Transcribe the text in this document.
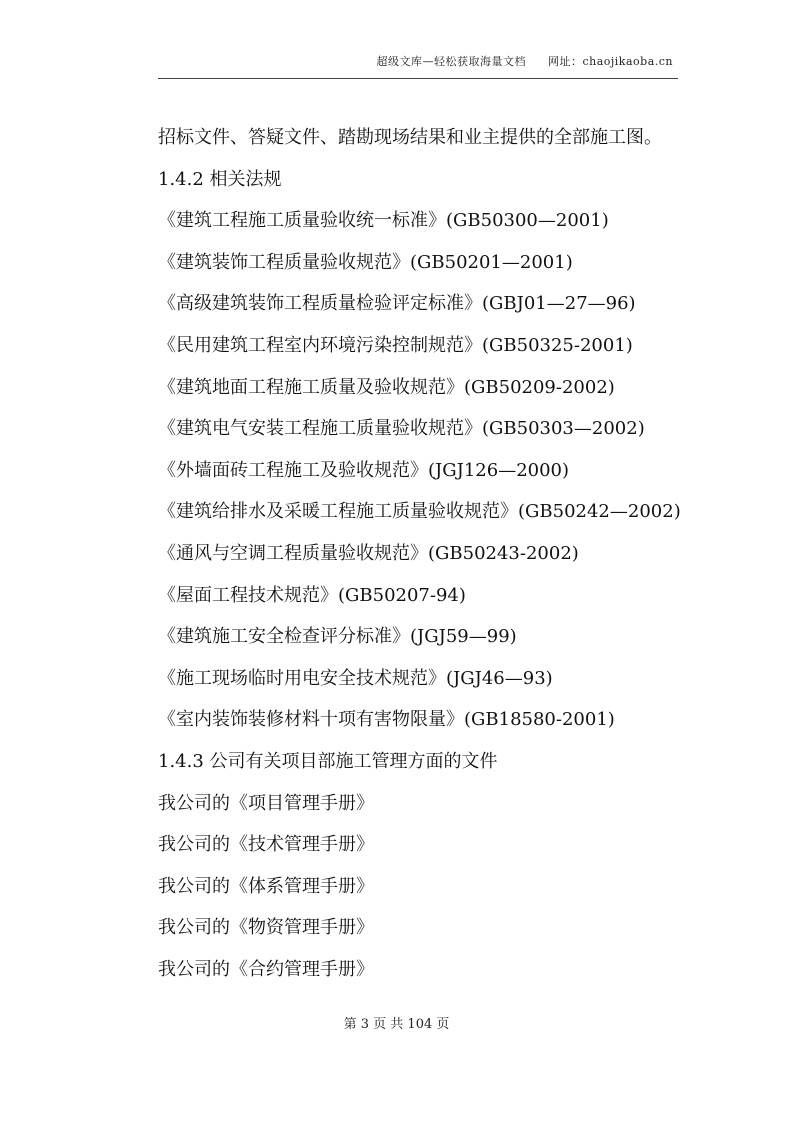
超级文库—轻松获取海量文档 网址：chaojikaoba.cn
招标文件、答疑文件、踏勘现场结果和业主提供的全部施工图。
1.4.2 相关法规
《建筑工程施工质量验收统一标准》(GB50300—2001)
《建筑装饰工程质量验收规范》(GB50201—2001)
《高级建筑装饰工程质量检验评定标准》(GBJ01—27—96)
《民用建筑工程室内环境污染控制规范》(GB50325-2001)
《建筑地面工程施工质量及验收规范》(GB50209-2002)
《建筑电气安装工程施工质量验收规范》(GB50303—2002)
《外墙面砖工程施工及验收规范》(JGJ126—2000)
《建筑给排水及采暖工程施工质量验收规范》(GB50242—2002)
《通风与空调工程质量验收规范》(GB50243-2002)
《屋面工程技术规范》(GB50207-94)
《建筑施工安全检查评分标准》(JGJ59—99)
《施工现场临时用电安全技术规范》(JGJ46—93)
《室内装饰装修材料十项有害物限量》(GB18580-2001)
1.4.3 公司有关项目部施工管理方面的文件
我公司的《项目管理手册》
我公司的《技术管理手册》
我公司的《体系管理手册》
我公司的《物资管理手册》
我公司的《合约管理手册》
第 3 页 共 104 页
